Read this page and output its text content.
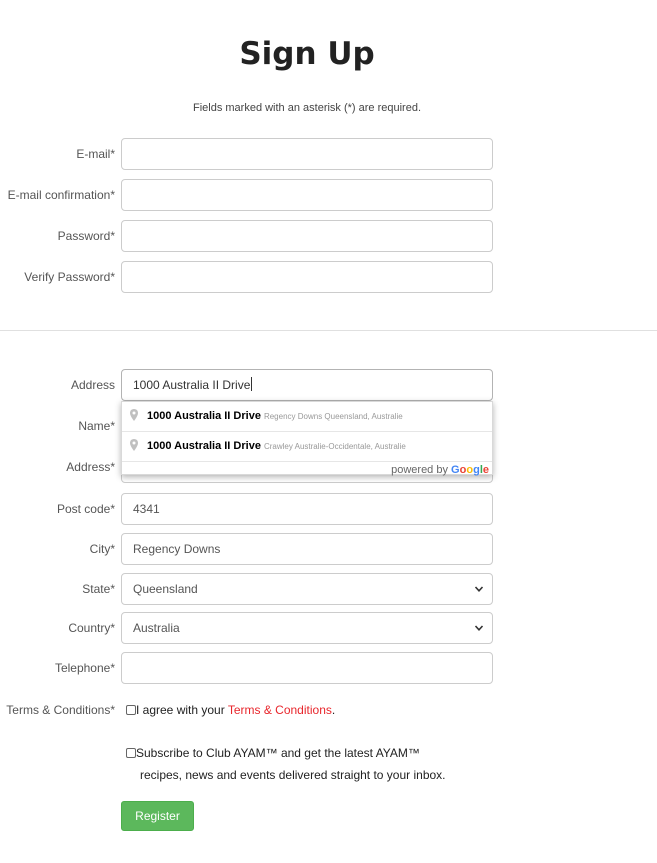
Sign Up
Fields marked with an asterisk (*) are required.
E-mail*
E-mail confirmation*
Password*
Verify Password*
Address	1000 Australia II Drive
Name*
Address*
1000 Australia II Drive Regency Downs Queensland, Australie
1000 Australia II Drive Crawley Australie-Occidentale, Australie
powered by Google
Post code*	4341
City*	Regency Downs
State*	Queensland
Country*	Australia
Telephone*
Terms & Conditions*	I agree with your Terms & Conditions.
Subscribe to Club AYAM™ and get the latest AYAM™
recipes, news and events delivered straight to your inbox.
Register
